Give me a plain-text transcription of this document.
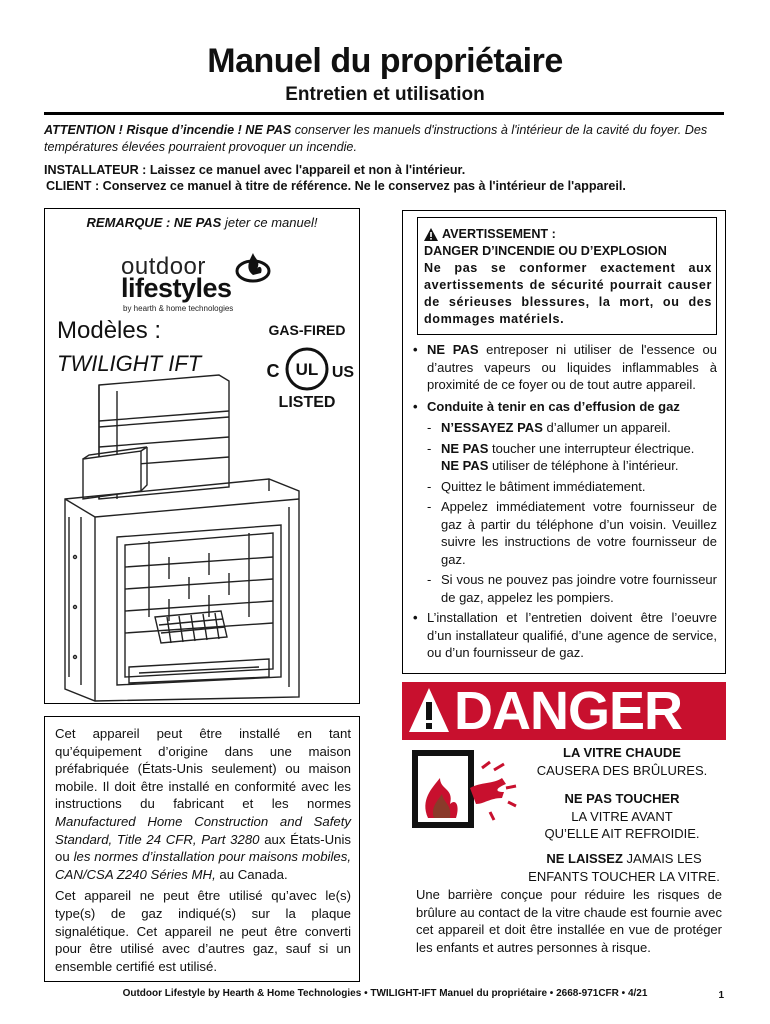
Manuel du propriétaire
Entretien et utilisation
ATTENTION ! Risque d’incendie ! NE PAS conserver les manuels d'instructions à l'intérieur de la cavité du foyer. Des températures élevées pourraient provoquer un incendie.
INSTALLATEUR : Laissez ce manuel avec l'appareil et non à l'intérieur.
CLIENT : Conservez ce manuel à titre de référence. Ne le conservez pas à l'intérieur de l'appareil.
REMARQUE : NE PAS jeter ce manuel!
outdoor
lifestyles
by hearth & home technologies
Modèles :
TWILIGHT IFT
GAS-FIRED
UL
C	US
LISTED

Cet appareil peut être installé en tant qu’équipement d’origine dans une maison préfabriquée (États-Unis seulement) ou maison mobile. Il doit être installé en conformité avec les instructions du fabricant et les normes Manufactured Home Construction and Safety Standard, Title 24 CFR, Part 3280 aux États-Unis ou les normes d’installation pour maisons mobiles, CAN/CSA Z240 Séries MH, au Canada.

Cet appareil ne peut être utilisé qu’avec le(s) type(s) de gaz indiqué(s) sur la plaque signalétique. Cet appareil ne peut être converti pour être utilisé avec d’autres gaz, sauf si un ensemble certifié est utilisé.

AVERTISSEMENT :
DANGER D’INCENDIE OU D’EXPLOSION
Ne pas se conformer exactement aux avertissements de sécurité pourrait causer de sérieuses blessures, la mort, ou des dommages matériels.
• NE PAS entreposer ni utiliser de l'essence ou d’autres vapeurs ou liquides inflammables à proximité de ce foyer ou de tout autre appareil.
• Conduite à tenir en cas d’effusion de gaz
- N’ESSAYEZ PAS d’allumer un appareil.
- NE PAS toucher une interrupteur électrique.
NE PAS utiliser de téléphone à l’intérieur.
- Quittez le bâtiment immédiatement.
- Appelez immédiatement votre fournisseur de gaz à partir du téléphone d’un voisin. Veuillez suivre les instructions de votre fournisseur de gaz.
- Si vous ne pouvez pas joindre votre fournisseur de gaz, appelez les pompiers.
• L’installation et l’entretien doivent être l’oeuvre d’un installateur qualifié, d’une agence de service, ou d’un fournisseur de gaz.
DANGER
LA VITRE CHAUDE
CAUSERA DES BRÛLURES.
NE PAS TOUCHER
LA VITRE AVANT
QU’ELLE AIT REFROIDIE.
NE LAISSEZ JAMAIS LES
ENFANTS TOUCHER LA VITRE.
Une barrière conçue pour réduire les risques de brûlure au contact de la vitre chaude est fournie avec cet appareil et doit être installée en vue de protéger les enfants et autres personnes à risque.
Outdoor Lifestyle by Hearth & Home Technologies • TWILIGHT-IFT Manuel du propriétaire • 2668-971CFR • 4/21	1
